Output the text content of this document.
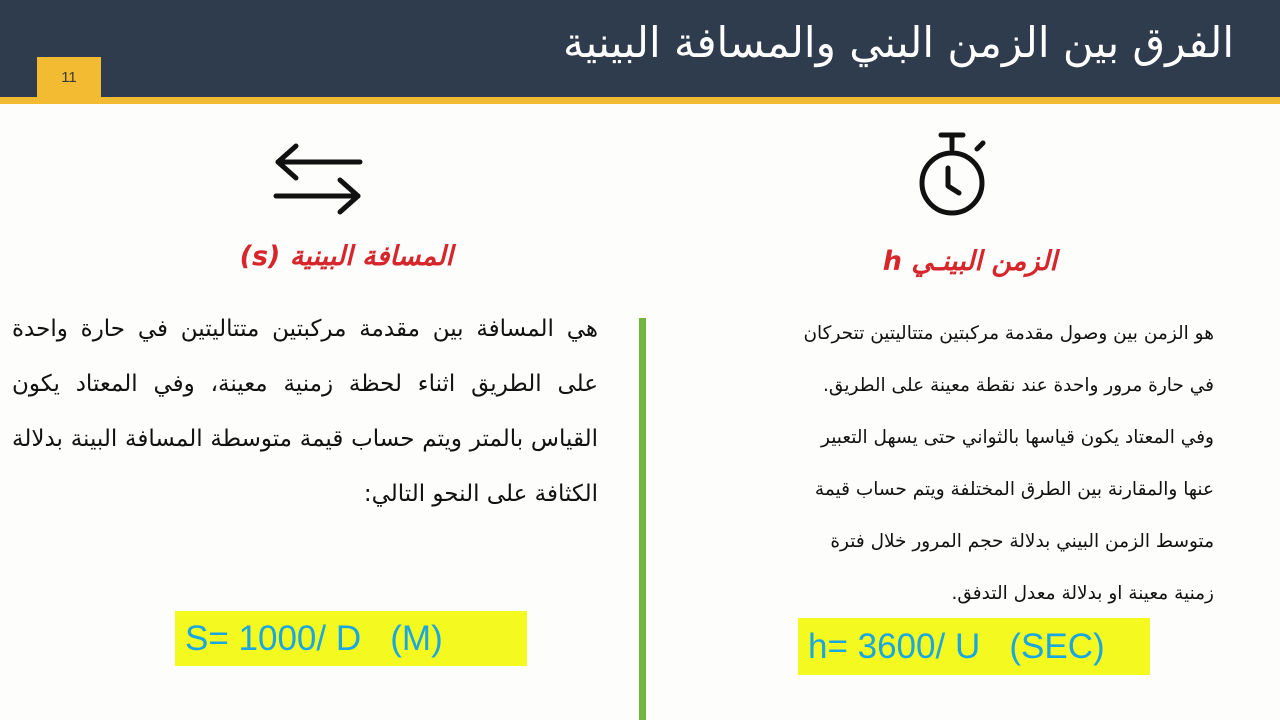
11
الفرق بين الزمن البني والمسافة البينية
المسافة البينية (s)	الزمن البينـي h
هي المسافة بين مقدمة مركبتين متتاليتين في حارة واحدة على الطريق اثناء لحظة زمنية معينة، وفي المعتاد يكون القياس بالمتر ويتم حساب قيمة متوسطة المسافة البينة بدلالة الكثافة على النحو التالي:

هو الزمن بين وصول مقدمة مركبتين متتاليتين تتحركان

في حارة مرور واحدة عند نقطة معينة على الطريق.

وفي المعتاد يكون قياسها بالثواني حتى يسهل التعبير

عنها والمقارنة بين الطرق المختلفة ويتم حساب قيمة

متوسط الزمن البيني بدلالة حجم المرور خلال فترة

زمنية معينة او بدلالة معدل التدفق.

S= 1000/ D   (M)	h= 3600/ U   (SEC)
